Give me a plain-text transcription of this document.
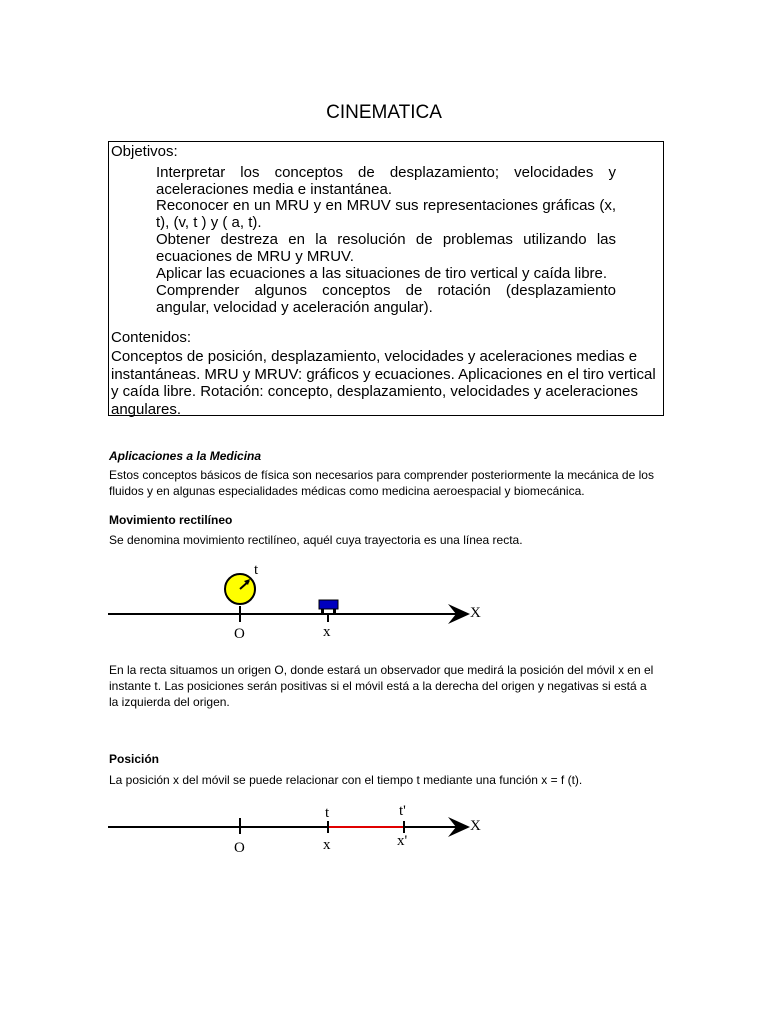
CINEMATICA
Objetivos:
Interpretar los conceptos de desplazamiento; velocidades y aceleraciones media e instantánea.
Reconocer en un MRU y en MRUV sus representaciones gráficas (x, t), (v, t ) y ( a, t).
Obtener destreza en la resolución de problemas utilizando las ecuaciones de MRU y MRUV.
Aplicar las ecuaciones a las situaciones de tiro vertical y caída libre.
Comprender algunos conceptos de rotación (desplazamiento angular, velocidad y aceleración angular).
Contenidos:
Conceptos de posición, desplazamiento, velocidades y aceleraciones medias e instantáneas. MRU y MRUV: gráficos y ecuaciones. Aplicaciones en el tiro vertical y caída libre. Rotación: concepto, desplazamiento, velocidades y aceleraciones angulares.
Aplicaciones a la Medicina
Estos conceptos básicos de física son necesarios para comprender posteriormente la mecánica de los fluidos y en algunas especialidades médicas como medicina aeroespacial y biomecánica.
Movimiento rectilíneo
Se denomina movimiento rectilíneo, aquél cuya trayectoria es una línea recta.
X
t
O	x
En la recta situamos un origen O, donde estará un observador que medirá la posición del móvil x en el instante t. Las posiciones serán positivas si el móvil está a la derecha del origen y negativas si está a la izquierda del origen.
Posición
La posición x del móvil se puede relacionar con el tiempo t mediante una función x = f (t).
X
O
t
x
t'
x'
